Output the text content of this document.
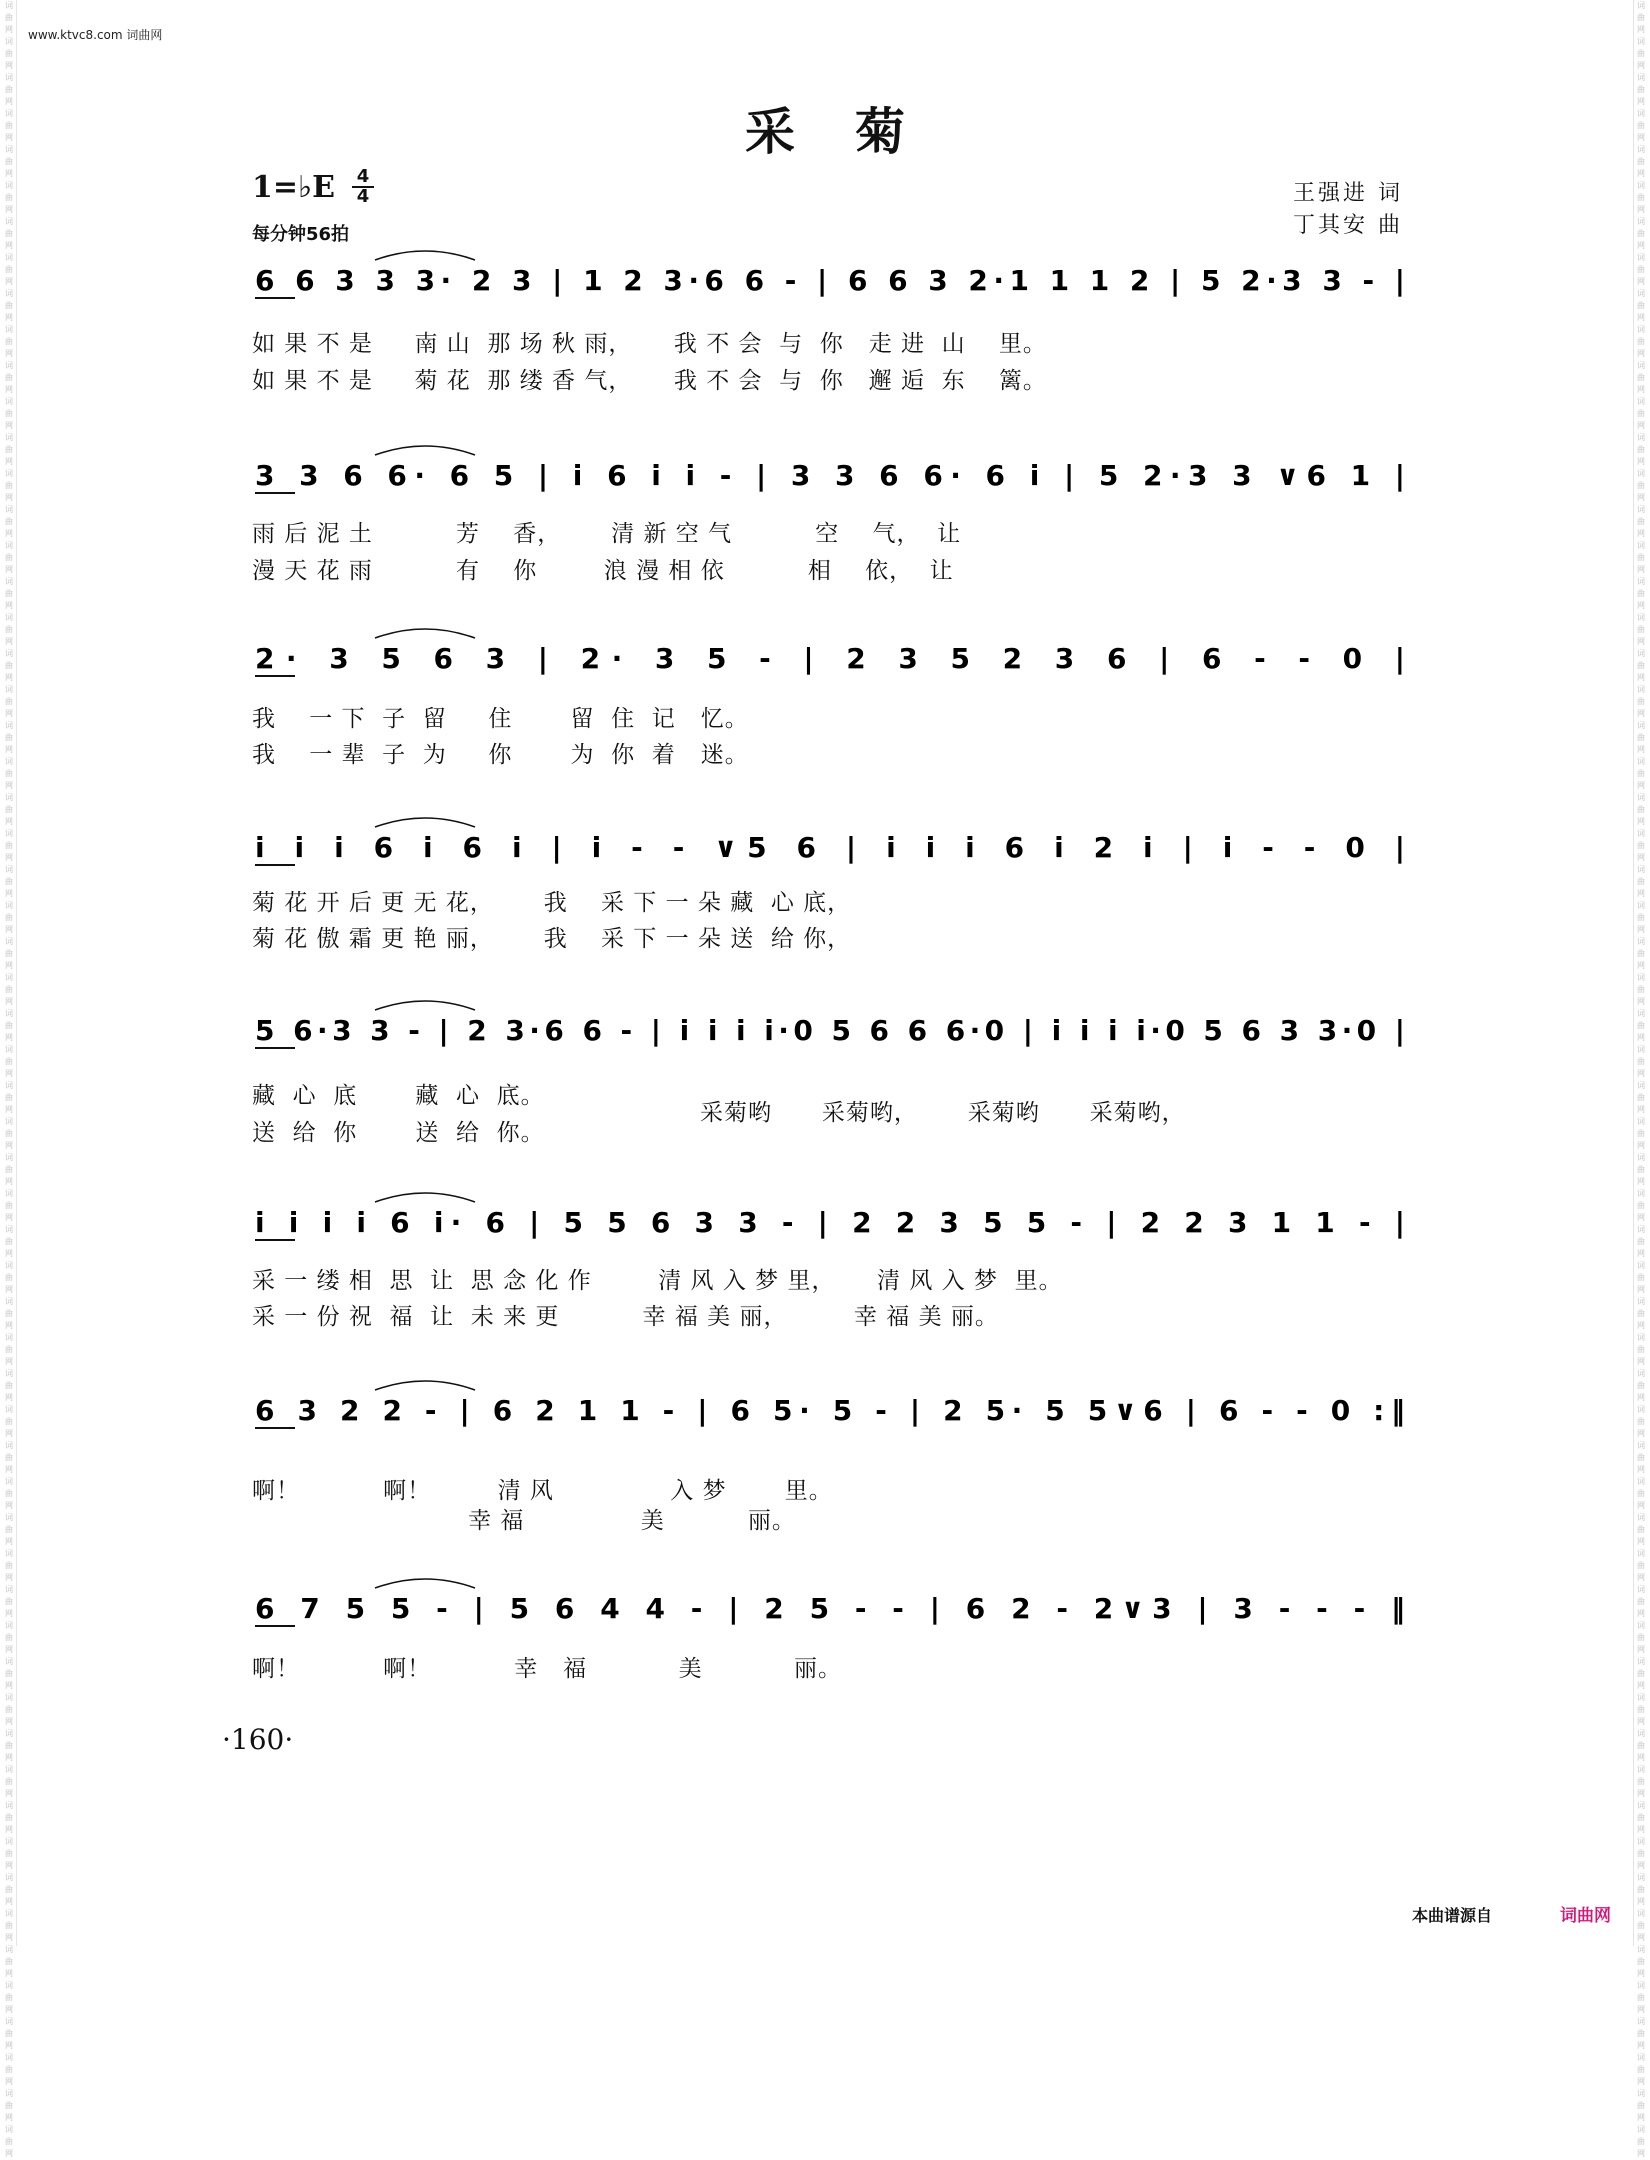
词曲网词曲网词曲网词曲网词曲网词曲网词曲网词曲网词曲网词曲网词曲网词曲网词曲网词曲网词曲网词曲网词曲网词曲网词曲网词曲网词曲网词曲网词曲网词曲网词曲网词曲网词曲网词曲网词曲网词曲网词曲网词曲网词曲网词曲网词曲网词曲网词曲网词曲网词曲网词曲网词曲网词曲网词曲网词曲网词曲网词曲网词曲网词曲网词曲网词曲网词曲网词曲网词曲网词曲网词曲网词曲网词曲网词曲网词曲网词曲网
词曲网词曲网词曲网词曲网词曲网词曲网词曲网词曲网词曲网词曲网词曲网词曲网词曲网词曲网词曲网词曲网词曲网词曲网词曲网词曲网词曲网词曲网词曲网词曲网词曲网词曲网词曲网词曲网词曲网词曲网词曲网词曲网词曲网词曲网词曲网词曲网词曲网词曲网词曲网词曲网词曲网词曲网词曲网词曲网词曲网词曲网词曲网词曲网词曲网词曲网词曲网词曲网词曲网词曲网词曲网词曲网词曲网词曲网词曲网词曲网
www.ktvc8.com 词曲网
采菊
1=♭E 4
4
每分钟56拍
王强进 词
丁其安 曲
6 6 3 3 3· 2 3 | 1 2 3·6 6 - | 6 6 3 2·1 1 1 2 | 5 2·3 3 - |
3 3 6 6· 6 5 | i 6 i i - | 3 3 6 6· 6 i | 5 2·3 3 ∨6 1 |
2· 3 5 6 3 | 2· 3 5 - | 2 3 5 2 3 6 | 6 - - 0 |
i i i 6 i 6 i | i - - ∨5 6 | i i i 6 i 2 i | i - - 0 |
5 6·3 3 - | 2 3·6 6 - | i i i i·0 5 6 6 6·0 | i i i i·0 5 6 3 3·0 |
i i i i 6 i· 6 | 5 5 6 3 3 - | 2 2 3 5 5 - | 2 2 3 1 1 - |
6 3 2 2 - | 6 2 1 1 - | 6 5· 5 - | 2 5· 5 5∨6 | 6 - - 0 :‖
6 7 5 5 - | 5 6 4 4 - | 2 5 - - | 6 2 - 2∨3 | 3 - - - ‖
如 果 不 是     南 山  那 场 秋 雨，     我 不 会  与  你   走 进  山    里。
如 果 不 是     菊 花  那 缕 香 气，     我 不 会  与  你   邂 逅  东    篱。
雨 后 泥 土          芳    香，      清 新 空 气          空    气，  让
漫 天 花 雨          有    你        浪 漫 相 依          相    依，  让
我    一 下  子  留     住       留  住  记   忆。
我    一 辈  子  为     你       为  你  着   迷。
菊 花 开 后 更 无 花，      我    采 下 一 朵 藏  心 底，
菊 花 傲 霜 更 艳 丽，      我    采 下 一 朵 送  给 你，
藏  心  底       藏  心  底。
送  给  你       送  给  你。
采菊哟      采菊哟，      采菊哟      采菊哟，
采 一 缕 相  思  让  思 念 化 作        清 风 入 梦 里，     清 风 入 梦  里。
采 一 份 祝  福  让  未 来 更          幸 福 美 丽，        幸 福 美 丽。
啊！          啊！        清 风              入 梦       里。
幸 福              美          丽。
啊！          啊！          幸   福           美           丽。
·160·
本曲谱源自	词曲网
